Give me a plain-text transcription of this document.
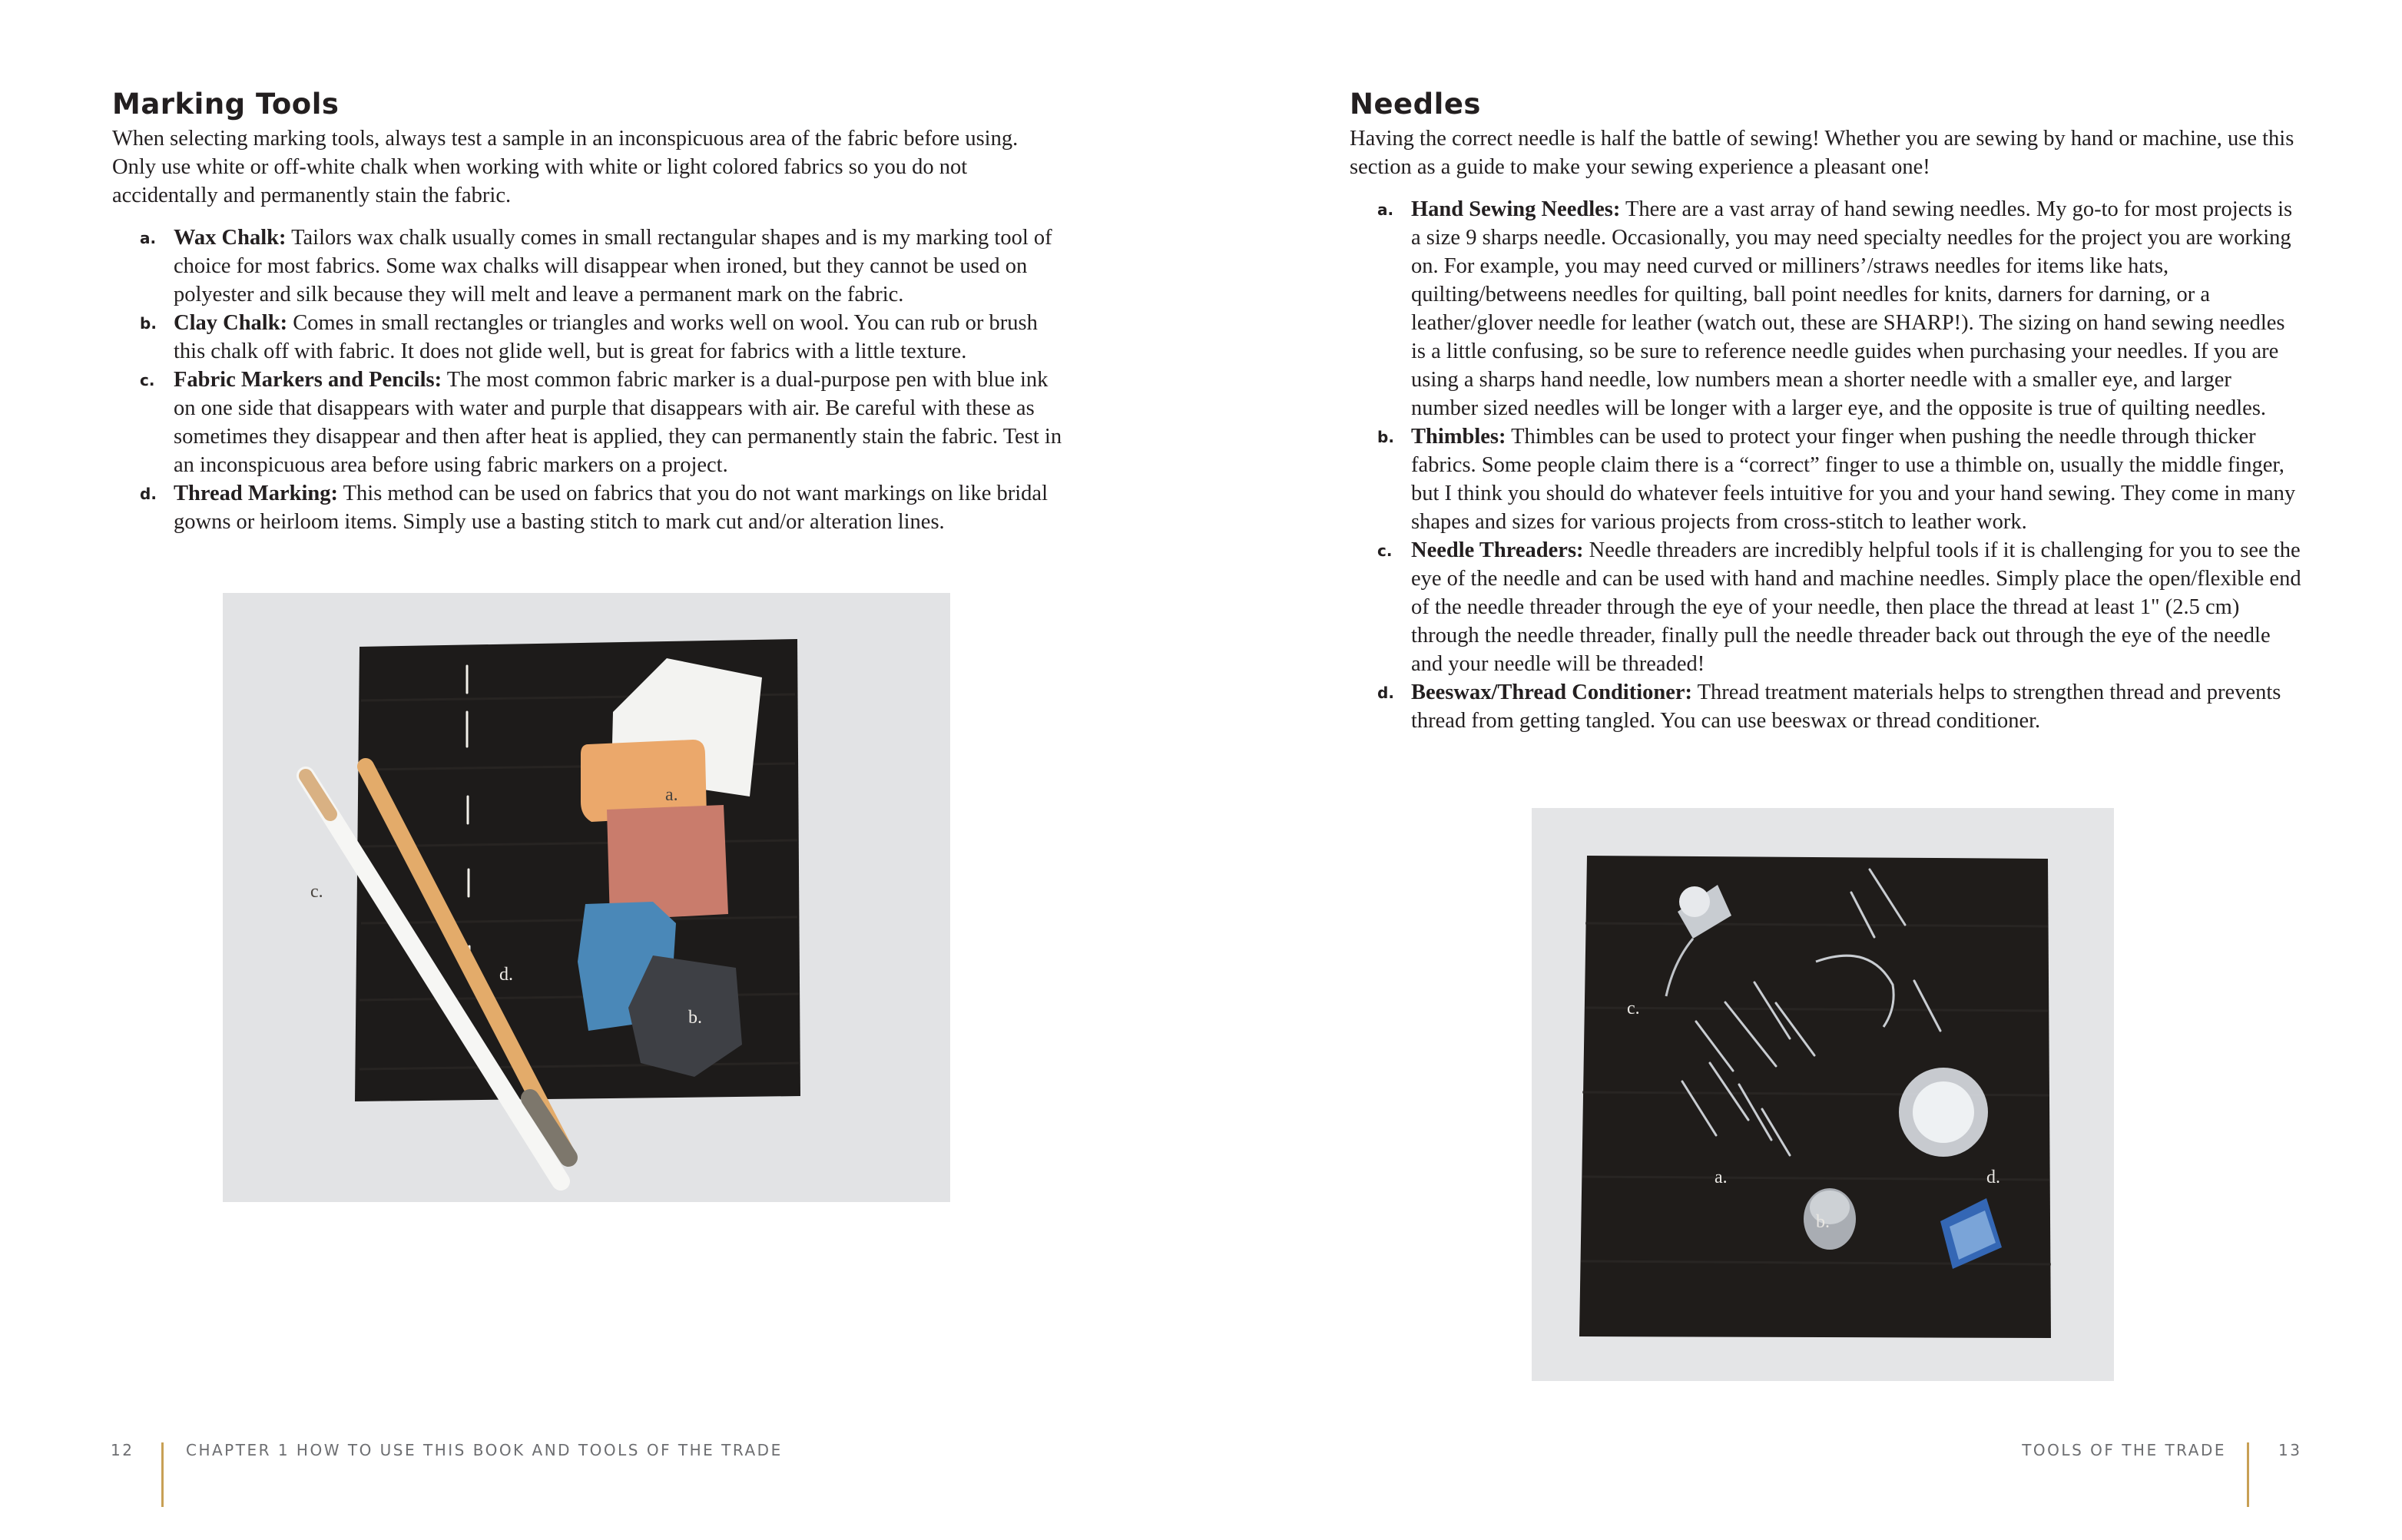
Marking Tools

When selecting marking tools, always test a sample in an inconspicuous area of the fabric before using. Only use white or off-white chalk when working with white or light colored fabrics so you do not accidentally and permanently stain the fabric.

a. Wax Chalk: Tailors wax chalk usually comes in small rectangular shapes and is my marking tool of choice for most fabrics. Some wax chalks will disappear when ironed, but they cannot be used on polyester and silk because they will melt and leave a permanent mark on the fabric.
b. Clay Chalk: Comes in small rectangles or triangles and works well on wool. You can rub or brush this chalk off with fabric. It does not glide well, but is great for fabrics with a little texture.
c. Fabric Markers and Pencils: The most common fabric marker is a dual-purpose pen with blue ink on one side that disappears with water and purple that disappears with air. Be careful with these as sometimes they disappear and then after heat is applied, they can permanently stain the fabric. Test in an inconspicuous area before using fabric markers on a project.
d. Thread Marking: This method can be used on fabrics that you do not want markings on like bridal gowns or heirloom items. Simply use a basting stitch to mark cut and/or alteration lines.
a.
b.
c.
d.
12	CHAPTER 1 HOW TO USE THIS BOOK AND TOOLS OF THE TRADE
Needles

Having the correct needle is half the battle of sewing! Whether you are sewing by hand or machine, use this section as a guide to make your sewing experience a pleasant one!

a. Hand Sewing Needles: There are a vast array of hand sewing needles. My go-to for most projects is a size 9 sharps needle. Occasionally, you may need specialty needles for the project you are working on. For example, you may need curved or milliners’/straws needles for items like hats, quilting/betweens needles for quilting, ball point needles for knits, darners for darning, or a leather/glover needle for leather (watch out, these are SHARP!). The sizing on hand sewing needles is a little confusing, so be sure to reference needle guides when purchasing your needles. If you are using a sharps hand needle, low numbers mean a shorter needle with a smaller eye, and larger number sized needles will be longer with a larger eye, and the opposite is true of quilting needles.
b. Thimbles: Thimbles can be used to protect your finger when pushing the needle through thicker fabrics. Some people claim there is a “correct” finger to use a thimble on, usually the middle finger, but I think you should do whatever feels intuitive for you and your hand sewing. They come in many shapes and sizes for various projects from cross-stitch to leather work.
c. Needle Threaders: Needle threaders are incredibly helpful tools if it is challenging for you to see the eye of the needle and can be used with hand and machine needles. Simply place the open/flexible end of the needle threader through the eye of your needle, then place the thread at least 1" (2.5 cm) through the needle threader, finally pull the needle threader back out through the eye of the needle and your needle will be threaded!
d. Beeswax/Thread Conditioner: Thread treatment materials helps to strengthen thread and prevents thread from getting tangled. You can use beeswax or thread conditioner.
c.
a.
b.
d.
TOOLS OF THE TRADE	13
